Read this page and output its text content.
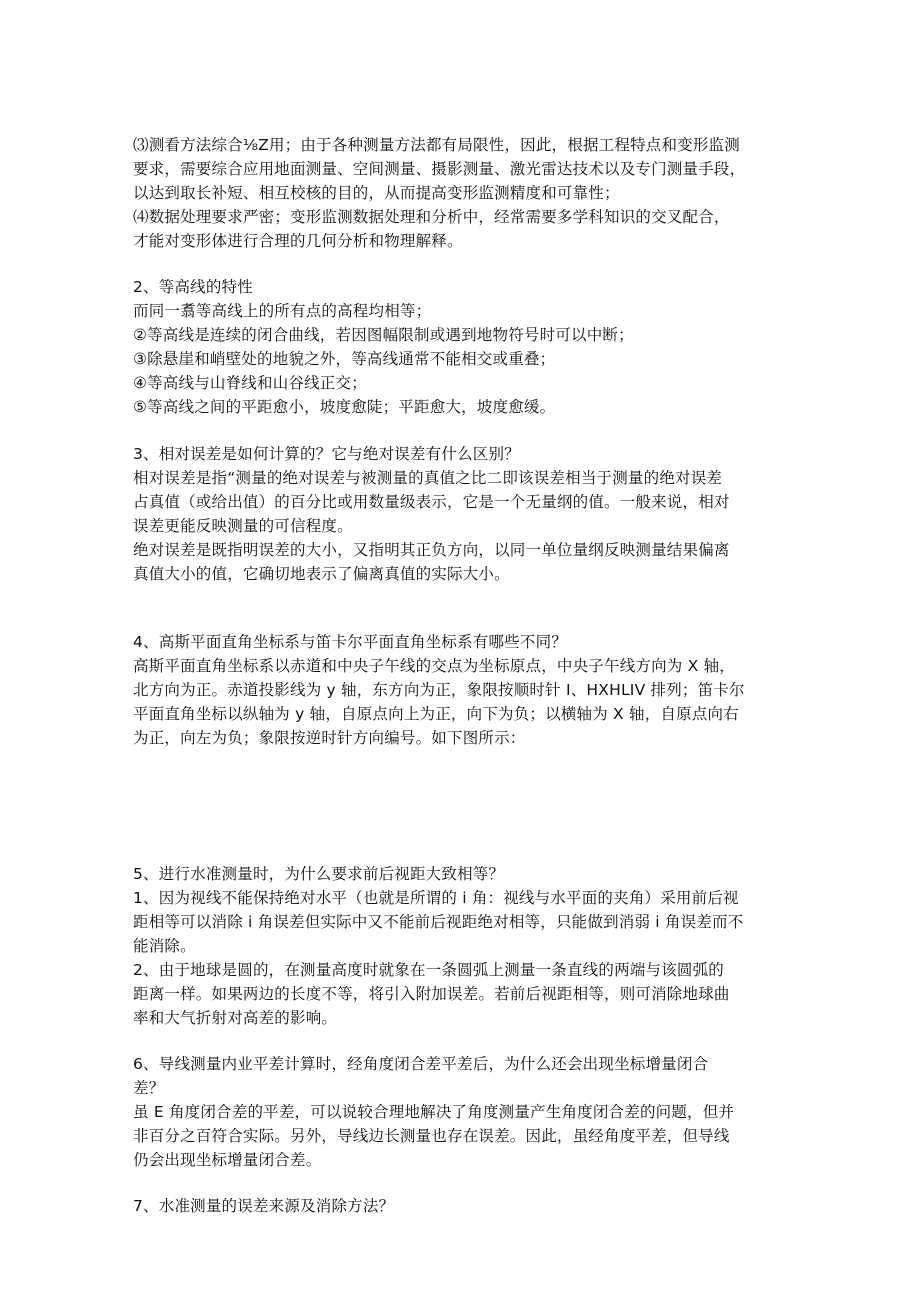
⑶测看方法综合⅛Z用；由于各种测量方法都有局限性，因此，根据工程特点和变形监测
要求，需要综合应用地面测量、空间测量、摄影测量、激光雷达技术以及专门测量手段，
以达到取长补短、相互校核的目的，从而提高变形监测精度和可靠性；
⑷数据处理要求严密；变形监测数据处理和分析中，经常需要多学科知识的交叉配合，
才能对变形体进行合理的几何分析和物理解释。
2、等高线的特性
而同一翥等高线上的所有点的高程均相等；
②等高线是连续的闭合曲线，若因图幅限制或遇到地物符号时可以中断；
③除悬崖和峭壁处的地貌之外，等高线通常不能相交或重叠；
④等高线与山脊线和山谷线正交；
⑤等高线之间的平距愈小，坡度愈陡；平距愈大，坡度愈缓。
3、相对误差是如何计算的？它与绝对误差有什么区别？
相对误差是指“测量的绝对误差与被测量的真值之比二即该误差相当于测量的绝对误差
占真值（或给出值）的百分比或用数量级表示，它是一个无量纲的值。一般来说，相对
误差更能反映测量的可信程度。
绝对误差是既指明误差的大小，又指明其正负方向，以同一单位量纲反映测量结果偏离
真值大小的值，它确切地表示了偏离真值的实际大小。
4、高斯平面直角坐标系与笛卡尔平面直角坐标系有哪些不同？
高斯平面直角坐标系以赤道和中央子午线的交点为坐标原点，中央子午线方向为 X 轴，
北方向为正。赤道投影线为 y 轴，东方向为正，象限按顺时针 I、HXHLIV 排列；笛卡尔
平面直角坐标以纵轴为 y 轴，自原点向上为正，向下为负；以横轴为 X 轴，自原点向右
为正，向左为负；象限按逆时针方向编号。如下图所示：
5、进行水准测量时，为什么要求前后视距大致相等？
1、因为视线不能保持绝对水平（也就是所谓的 i 角：视线与水平面的夹角）采用前后视
距相等可以消除 i 角误差但实际中又不能前后视距绝对相等，只能做到消弱 i 角误差而不
能消除。
2、由于地球是圆的，在测量高度时就象在一条圆弧上测量一条直线的两端与该圆弧的
距离一样。如果两边的长度不等，将引入附加误差。若前后视距相等，则可消除地球曲
率和大气折射对高差的影响。
6、导线测量内业平差计算时，经角度闭合差平差后，为什么还会出现坐标增量闭合
差？
虽 E 角度闭合差的平差，可以说较合理地解决了角度测量产生角度闭合差的问题，但并
非百分之百符合实际。另外，导线边长测量也存在误差。因此，虽经角度平差，但导线
仍会出现坐标增量闭合差。
7、水准测量的误差来源及消除方法？
